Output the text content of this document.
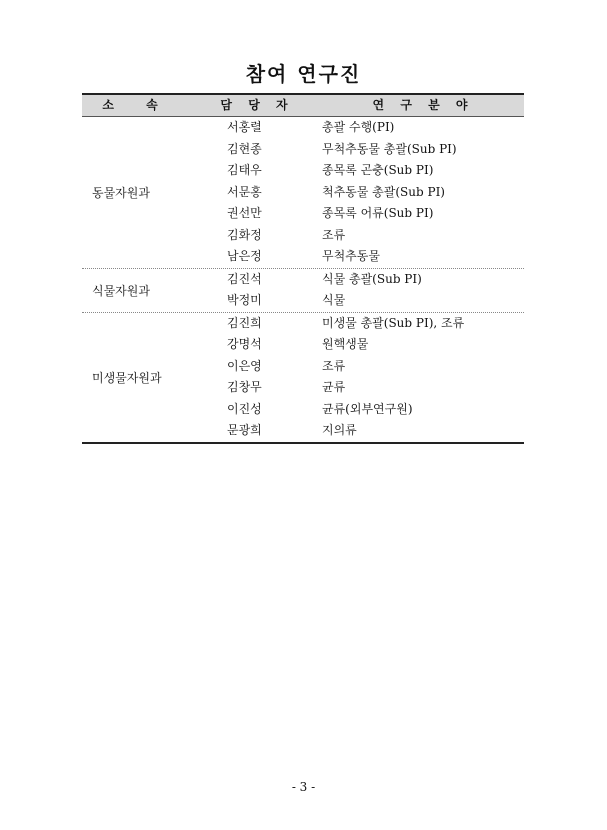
참여 연구진
소 속	담 당 자	연 구 분 야
동물자원과
서홍렬	총괄 수행(PI)
김현종	무척추동물 총괄(Sub PI)
김태우	종목록 곤충(Sub PI)
서문홍	척추동물 총괄(Sub PI)
권선만	종목록 어류(Sub PI)
김화정	조류
남은정	무척추동물
식물자원과
김진석	식물 총괄(Sub PI)
박정미	식물
미생물자원과
김진희	미생물 총괄(Sub PI), 조류
강명석	원핵생물
이은영	조류
김창무	균류
이진성	균류(외부연구원)
문광희	지의류
- 3 -
